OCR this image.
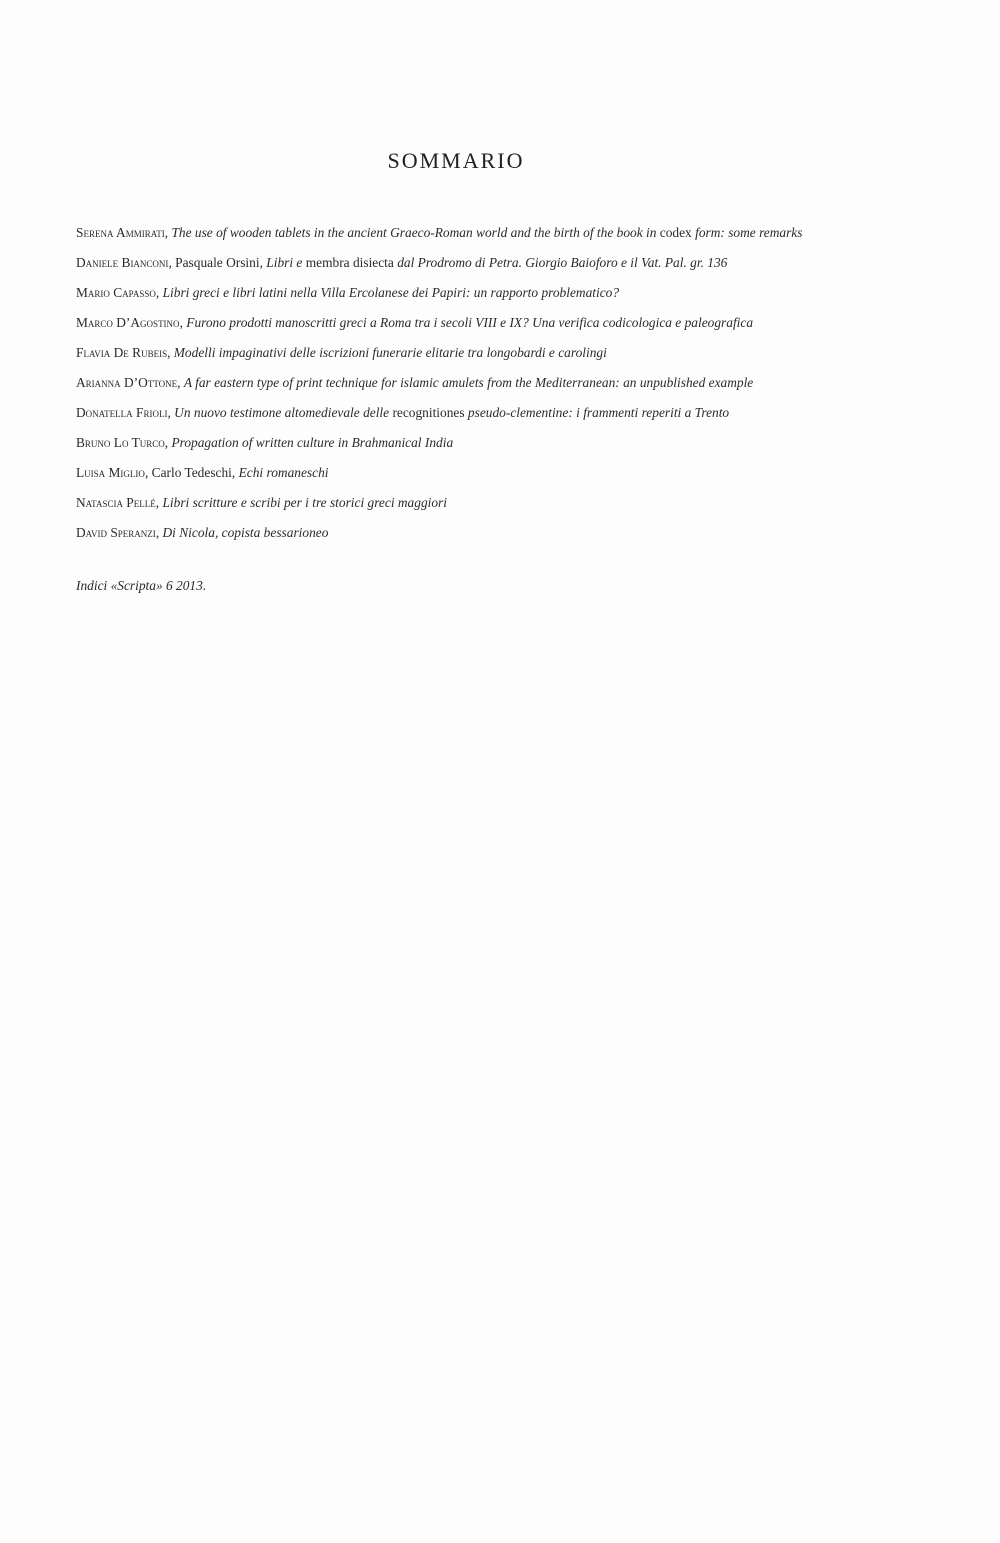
SOMMARIO
Serena Ammirati, The use of wooden tablets in the ancient Graeco-Roman world and the birth of the book in codex form: some remarks
Daniele Bianconi, Pasquale Orsini, Libri e membra disiecta dal Prodromo di Petra. Giorgio Baioforo e il Vat. Pal. gr. 136
Mario Capasso, Libri greci e libri latini nella Villa Ercolanese dei Papiri: un rapporto problematico?
Marco D’Agostino, Furono prodotti manoscritti greci a Roma tra i secoli VIII e IX? Una verifica codicologica e paleografica
Flavia De Rubeis, Modelli impaginativi delle iscrizioni funerarie elitarie tra longobardi e carolingi
Arianna D’Ottone, A far eastern type of print technique for islamic amulets from the Mediterranean: an unpublished example
Donatella Frioli, Un nuovo testimone altomedievale delle recognitiones pseudo-clementine: i frammenti reperiti a Trento
Bruno Lo Turco, Propagation of written culture in Brahmanical India
Luisa Miglio, Carlo Tedeschi, Echi romaneschi
Natascia Pellé, Libri scritture e scribi per i tre storici greci maggiori
David Speranzi, Di Nicola, copista bessarioneo
Indici «Scripta» 6 2013.
